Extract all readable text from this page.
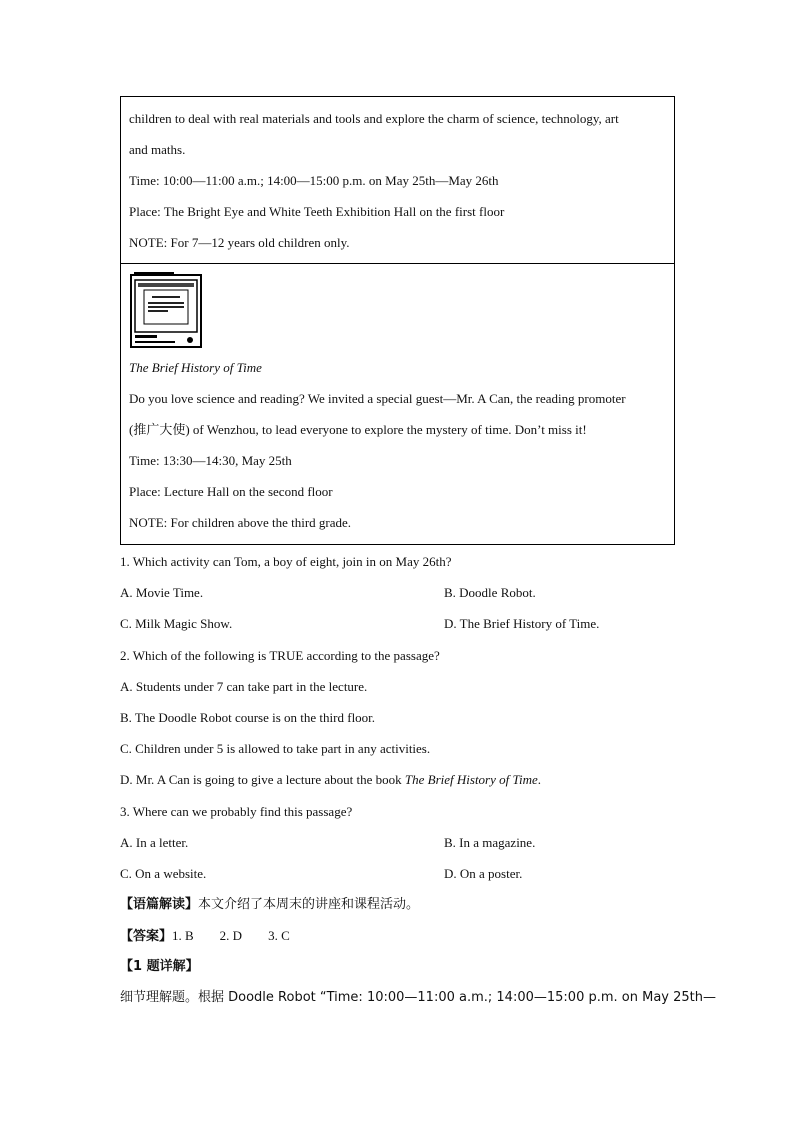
children to deal with real materials and tools and explore the charm of science, technology, art
and maths.
Time: 10:00—11:00 a.m.; 14:00—15:00 p.m. on May 25th—May 26th
Place: The Bright Eye and White Teeth Exhibition Hall on the first floor
NOTE: For 7—12 years old children only.
The Brief History of Time
Do you love science and reading? We invited a special guest—Mr. A Can, the reading promoter
(推广大使) of Wenzhou, to lead everyone to explore the mystery of time. Don’t miss it!
Time: 13:30—14:30, May 25th
Place: Lecture Hall on the second floor
NOTE: For children above the third grade.
1. Which activity can Tom, a boy of eight, join in on May 26th?
A. Movie Time.	B. Doodle Robot.
C. Milk Magic Show.	D. The Brief History of Time.
2. Which of the following is TRUE according to the passage?
A. Students under 7 can take part in the lecture.
B. The Doodle Robot course is on the third floor.
C. Children under 5 is allowed to take part in any activities.
D. Mr. A Can is going to give a lecture about the book The Brief History of Time.
3. Where can we probably find this passage?
A. In a letter.	B. In a magazine.
C. On a website.	D. On a poster.
【语篇解读】本文介绍了本周末的讲座和课程活动。
【答案】1. B        2. D        3. C
【1 题详解】
细节理解题。根据 Doodle Robot “Time: 10:00—11:00 a.m.; 14:00—15:00 p.m. on May 25th—
